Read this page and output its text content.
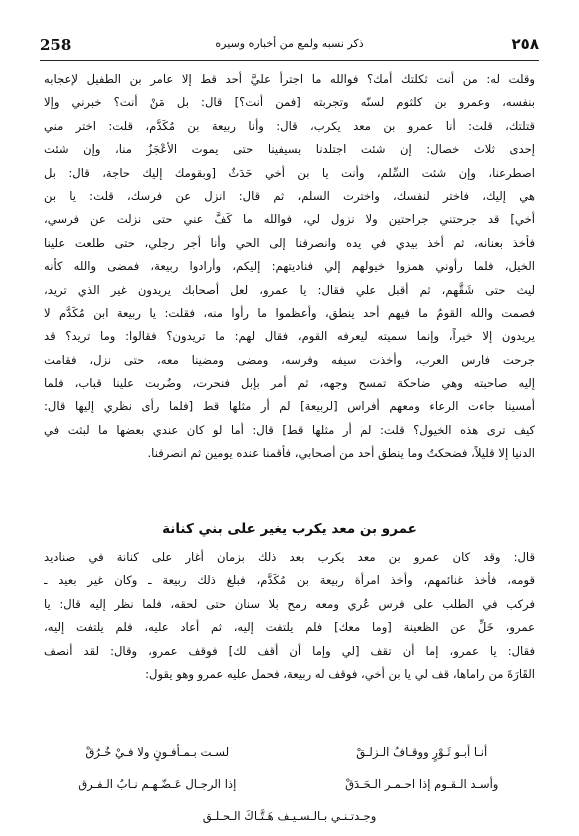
258	ذكر نسبه ولمع من أخباره وسيره	٢٥٨
وقلت له: من أنت ثكلتك أمك؟ فوالله ما اجترأ عليَّ أحد قط إلا عامر بن الطفيل لإعجابه
بنفسه، وعمرو بن كلثوم لسنّه وتجربته [فمن أنت؟] قال: بل مَنْ أنت؟ خبرني وإلا
قتلتك، قلت: أنا عمرو بن معد يكرب، قال: وأنا ربيعة بن مُكَدَّم، قلت: اختر مني
إحدى ثلاث خصال: إن شئت اجتلدنا بسيفينا حتى يموت الأعْجَزُ منا، وإن شئت
اصطرعنا، وإن شئت السِّلم، وأنت يا بن أخي حَدَثٌ [وبقومك إليك حاجة، قال: بل
هي إليك، فاختر لنفسك، واخترت السلم، ثم قال: انزل عن فرسك، قلت: يا بن
أخي] قد جرحتني جراحتين ولا نزول لي، فوالله ما كَفَّ عني حتى نزلت عن فرسي،
فأخذ بعنانه، ثم أخذ بيدي في يده وانصرفنا إلى الحي وأنا أجر رجلي، حتى طلعت علينا
الخيل، فلما رأوني همزوا خيولهم إلي فناديتهم: إليكم، وأرادوا ربيعة، فمضى والله كأنه
ليث حتى شَقَّهم، ثم أقبل علي فقال: يا عمرو، لعل أصحابك يريدون غير الذي تريد،
فصمت والله القومُ ما فيهم أحد ينطق، وأعظموا ما رأوا منه، فقلت: يا ربيعة ابن مُكَدَّم لا
يريدون إلا خيراً، وإنما سميته ليعرفه القوم، فقال لهم: ما تريدون؟ فقالوا: وما تريد؟ قد
جرحت فارس العرب، وأخذت سيفه وفرسه، ومضى ومضينا معه، حتى نزل، فقامت
إليه صاحبته وهي ضاحكة تمسح وجهه، ثم أمر بإبل فنحرت، وضُربت علينا قباب، فلما
أمسينا جاءت الرعاء ومعهم أفراس [لربيعة] لم أر مثلها قط [فلما رأى نظري إليها قال:
كيف ترى هذه الخيول؟ قلت: لم أر مثلها قط] قال: أما لو كان عندي بعضها ما لبثت في
الدنيا إلا قليلاً، فضحكتُ وما ينطق أحد من أصحابي، فأقمنا عنده يومين ثم انصرفنا.
عمرو بن معد يكرب يغير على بني كنانة
قال: وقد كان عمرو بن معد يكرب بعد ذلك بزمان أغار على كنانة في صناديد
قومه، فأخذ غنائمهم، وأخذ امرأة ربيعة بن مُكَدَّم، فبلغ ذلك ربيعة ـ وكان غير بعيد ـ
فركب في الطلب على فرس عُري ومعه رمح بلا سنان حتى لحقه، فلما نظر إليه قال: يا
عمرو، خَلِّ عن الظعينة [وما معك] فلم يلتفت إليه، ثم أعاد عليه، فلم يلتفت إليه،
فقال: يا عمرو، إما أن تقف [لي وإما أن أقف لك] فوقف عمرو، وقال: لقد أنصف
القَارَةَ من راماها، قف لي يا بن أخي، فوقف له ربيعة، فحمل عليه عمرو وهو يقول:
أنـا أبـو ثَـوْرٍ ووقـافُ الـزلـقْ
لسـت بـمـأفـونٍ ولا فـيْ خُـرُقْ
وأسـد الـقـوم إذا احـمـر الـحَـدَقْ
إذا الرجـال عَـضّـهـم نـابُ الـفـرق
وجـدتـنـي بـالـسـيـف هَـتَّـاكَ الـحـلـق
